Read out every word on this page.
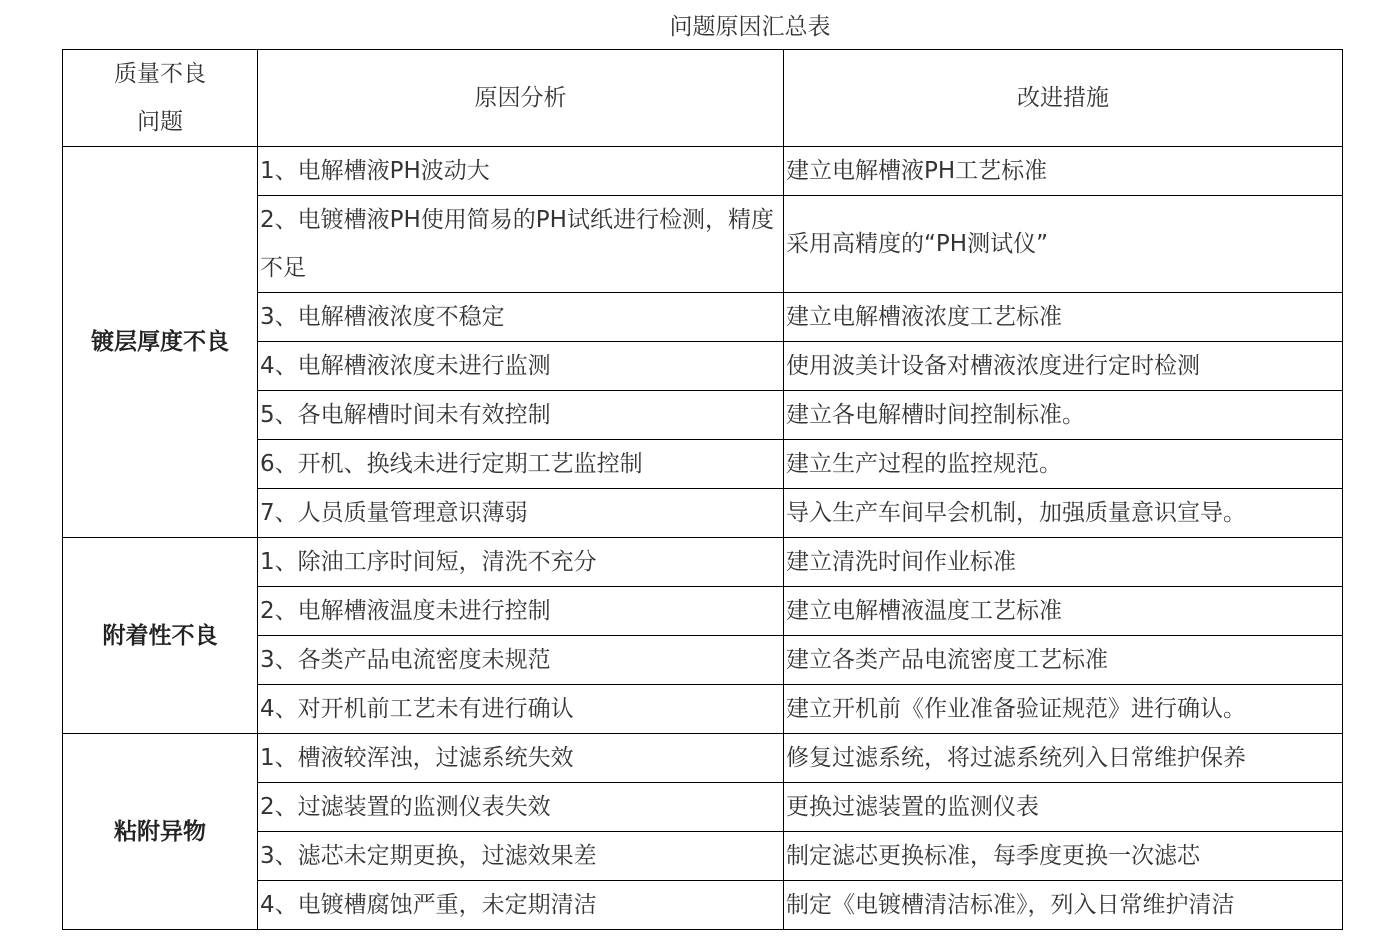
问题原因汇总表
质量不良
问题	原因分析	改进措施
镀层厚度不良	1、电解槽液PH波动大	建立电解槽液PH工艺标准
	2、电镀槽液PH使用简易的PH试纸进行检测，精度不足	采用高精度的“PH测试仪”
	3、电解槽液浓度不稳定	建立电解槽液浓度工艺标准
	4、电解槽液浓度未进行监测	使用波美计设备对槽液浓度进行定时检测
	5、各电解槽时间未有效控制	建立各电解槽时间控制标准。
	6、开机、换线未进行定期工艺监控制	建立生产过程的监控规范。
	7、人员质量管理意识薄弱	导入生产车间早会机制，加强质量意识宣导。
附着性不良	1、除油工序时间短，清洗不充分	建立清洗时间作业标准
	2、电解槽液温度未进行控制	建立电解槽液温度工艺标准
	3、各类产品电流密度未规范	建立各类产品电流密度工艺标准
	4、对开机前工艺未有进行确认	建立开机前《作业准备验证规范》进行确认。
粘附异物	1、槽液较浑浊，过滤系统失效	修复过滤系统，将过滤系统列入日常维护保养
	2、过滤装置的监测仪表失效	更换过滤装置的监测仪表
	3、滤芯未定期更换，过滤效果差	制定滤芯更换标准，每季度更换一次滤芯
	4、电镀槽腐蚀严重，未定期清洁	制定《电镀槽清洁标准》，列入日常维护清洁
